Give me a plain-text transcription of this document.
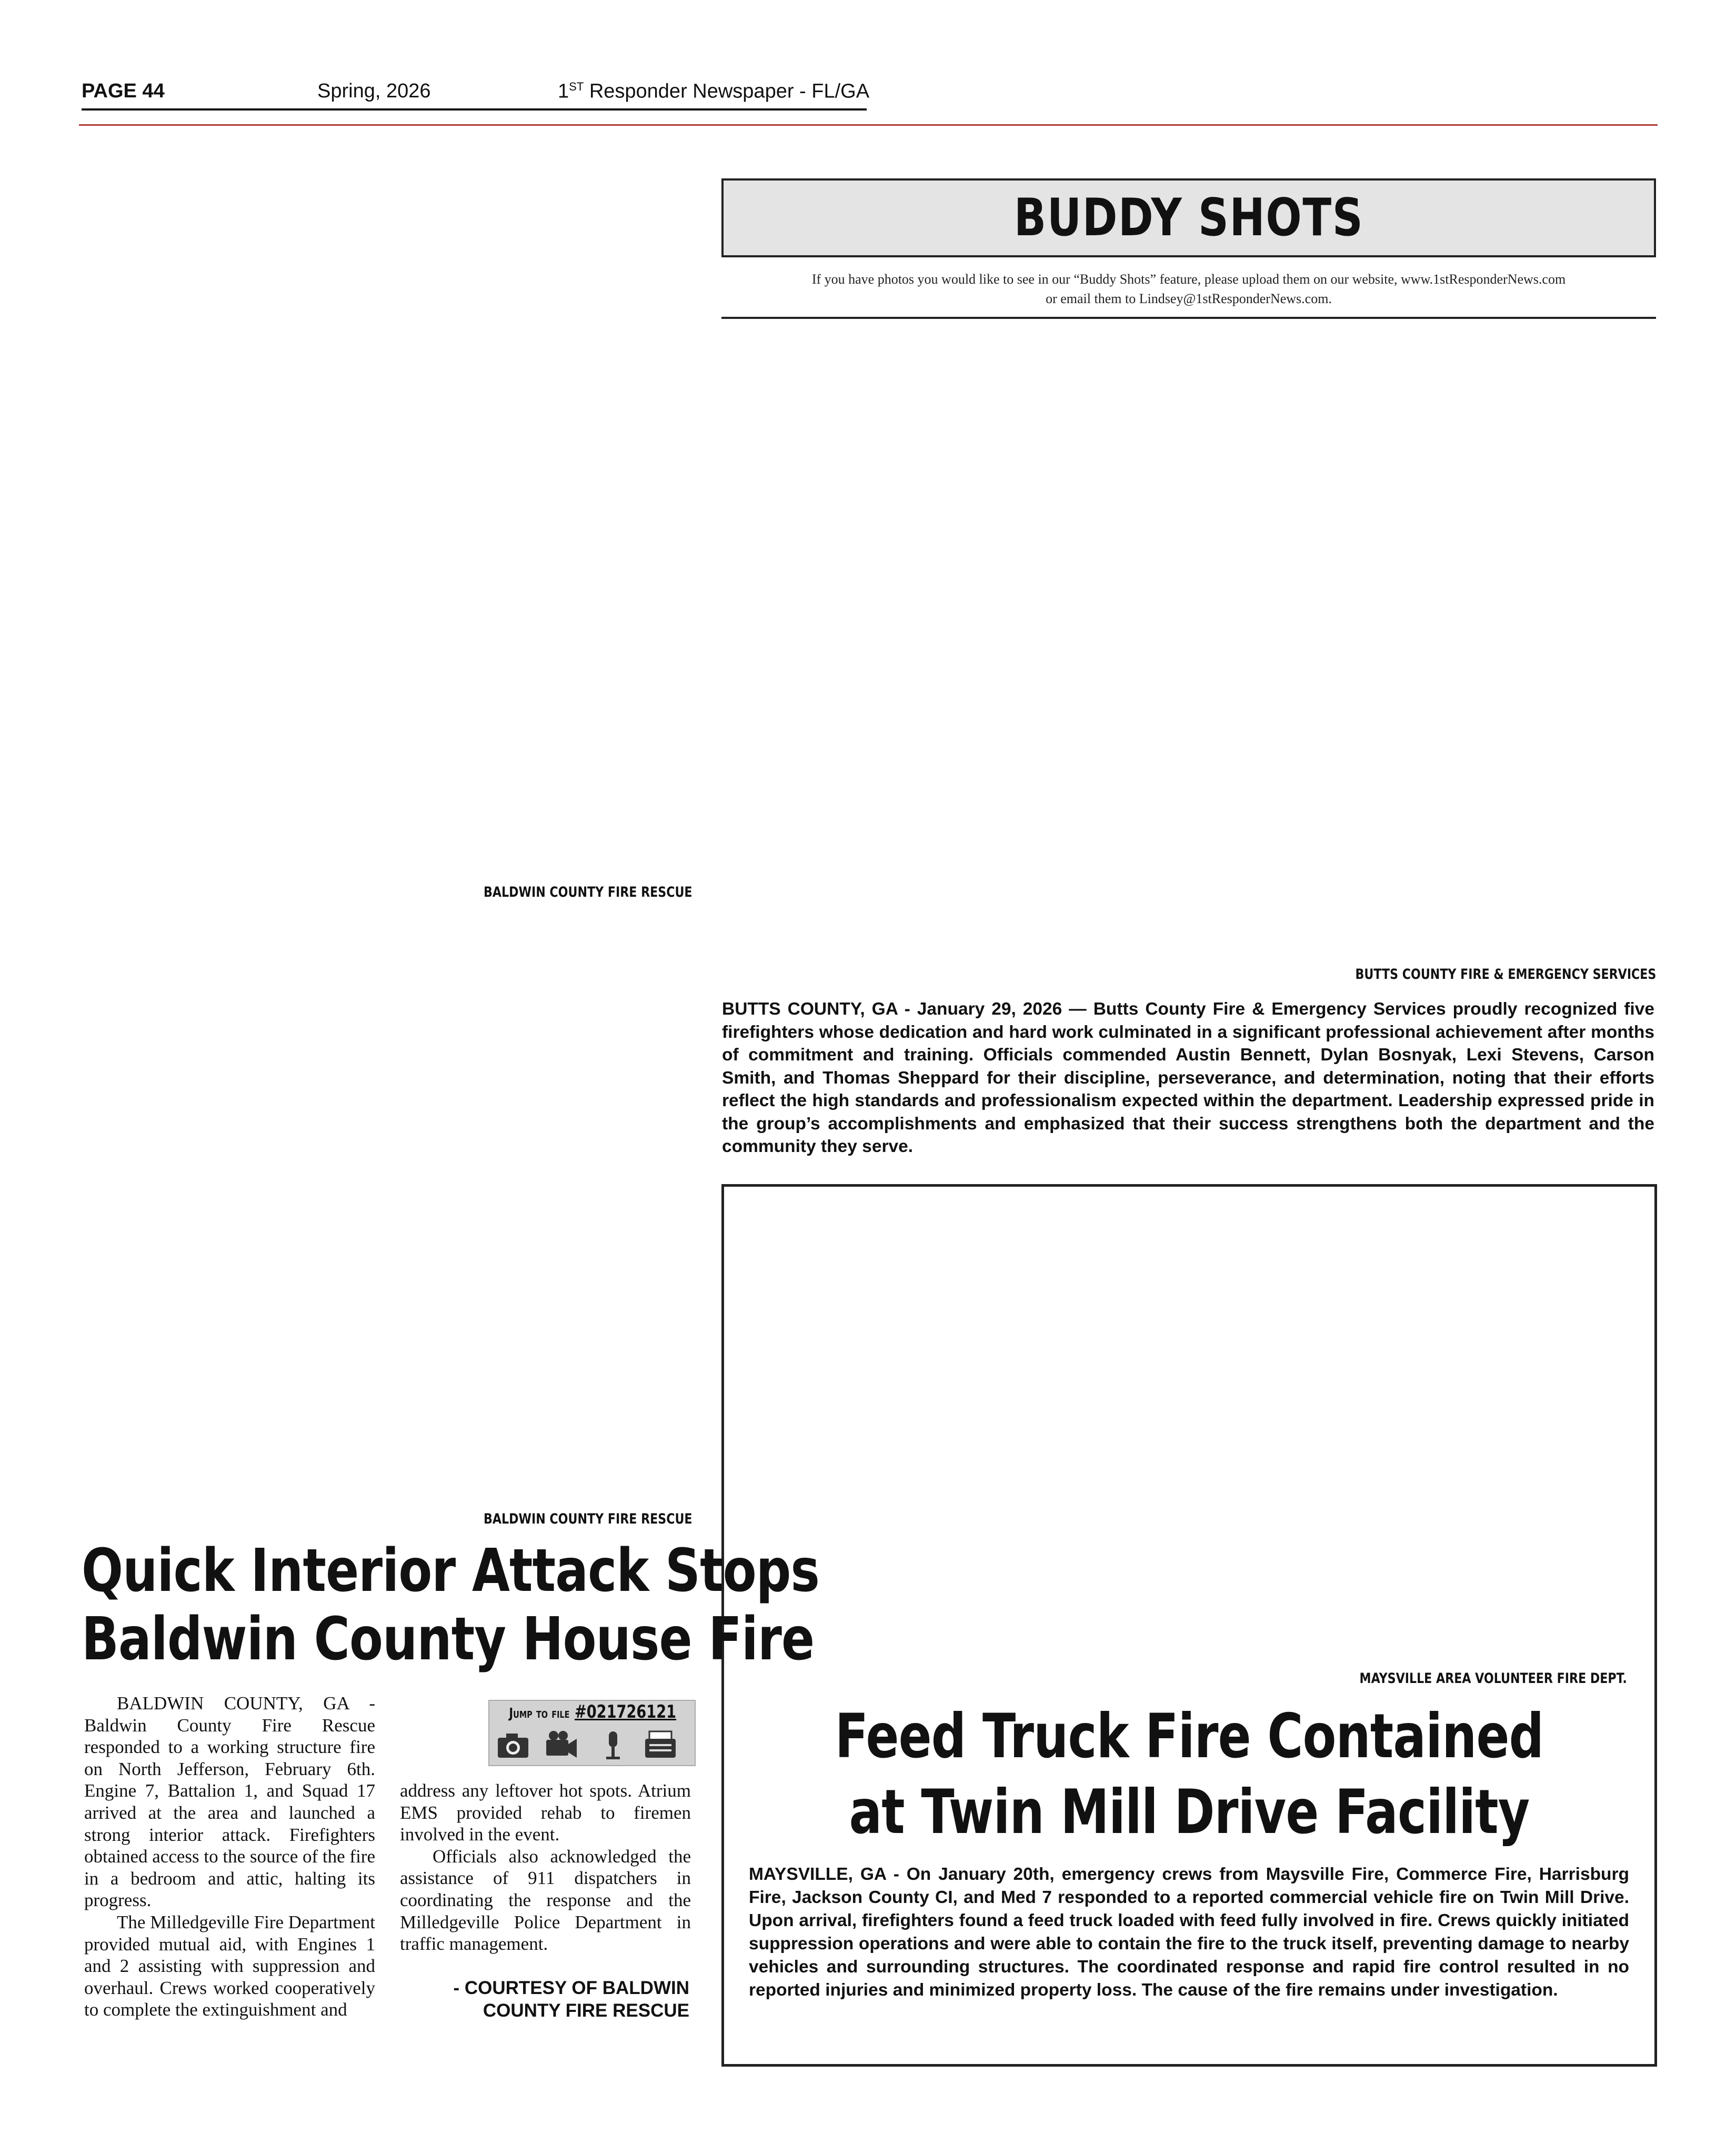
PAGE 44	Spring, 2026	1ST Responder Newspaper - FL/GA
BUDDY SHOTS
If you have photos you would like to see in our “Buddy Shots” feature, please upload them on our website, www.1stResponderNews.com
or email them to Lindsey@1stResponderNews.com.
BALDWIN COUNTY FIRE RESCUE
BUTTS COUNTY FIRE & EMERGENCY SERVICES
BALDWIN COUNTY FIRE RESCUE
BUTTS COUNTY, GA - January 29, 2026 — Butts County Fire & Emergency Services proudly recognized five firefighters whose dedication and hard work culminated in a significant professional achievement after months of commitment and training. Officials commended Austin Bennett, Dylan Bosnyak, Lexi Stevens, Carson Smith, and Thomas Sheppard for their discipline, perseverance, and determination, noting that their efforts reflect the high standards and professionalism expected within the department. Leadership expressed pride in the group’s accomplishments and emphasized that their success strengthens both the department and the community they serve.
MAYSVILLE AREA VOLUNTEER FIRE DEPT.
Feed Truck Fire Contained
at Twin Mill Drive Facility
MAYSVILLE, GA - On January 20th, emergency crews from Maysville Fire, Commerce Fire, Harrisburg Fire, Jackson County CI, and Med 7 responded to a reported commercial vehicle fire on Twin Mill Drive. Upon arrival, firefighters found a feed truck loaded with feed fully involved in fire. Crews quickly initiated suppression operations and were able to contain the fire to the truck itself, preventing damage to nearby vehicles and surrounding structures. The coordinated response and rapid fire control resulted in no reported injuries and minimized property loss. The cause of the fire remains under investigation.
Quick Interior Attack Stops
Baldwin County House Fire

BALDWIN COUNTY, GA - Baldwin County Fire Rescue responded to a working structure fire on North Jefferson, February 6th. Engine 7, Battalion 1, and Squad 17 arrived at the area and launched a strong interior attack. Firefighters obtained access to the source of the fire in a bedroom and attic, halting its progress.

The Milledgeville Fire Department provided mutual aid, with Engines 1 and 2 assisting with suppression and overhaul. Crews worked cooperatively to complete the extinguishment and

Jump to file #021726121

address any leftover hot spots. Atrium EMS provided rehab to firemen involved in the event.

Officials also acknowledged the assistance of 911 dispatchers in coordinating the response and the Milledgeville Police Department in traffic management.

- COURTESY OF BALDWIN
COUNTY FIRE RESCUE
